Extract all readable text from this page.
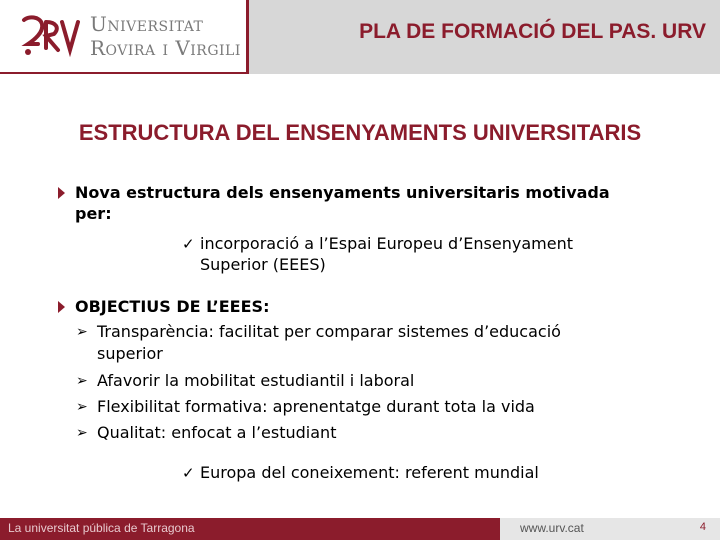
Universitat
Rovira i Virgili
PLA DE FORMACIÓ DEL PAS. URV
ESTRUCTURA DEL ENSENYAMENTS UNIVERSITARIS
Nova estructura dels ensenyaments universitaris motivada
per:
✓ incorporació a l’Espai Europeu d’Ensenyament
Superior (EEES)
OBJECTIUS DE L’EEES:
➢ Transparència: facilitat per comparar sistemes d’educació
superior
➢ Afavorir la mobilitat estudiantil i laboral
➢ Flexibilitat formativa: aprenentatge durant tota la vida
➢ Qualitat: enfocat a l’estudiant
✓ Europa del coneixement: referent mundial
La universitat pública de Tarragona	www.urv.cat	4
